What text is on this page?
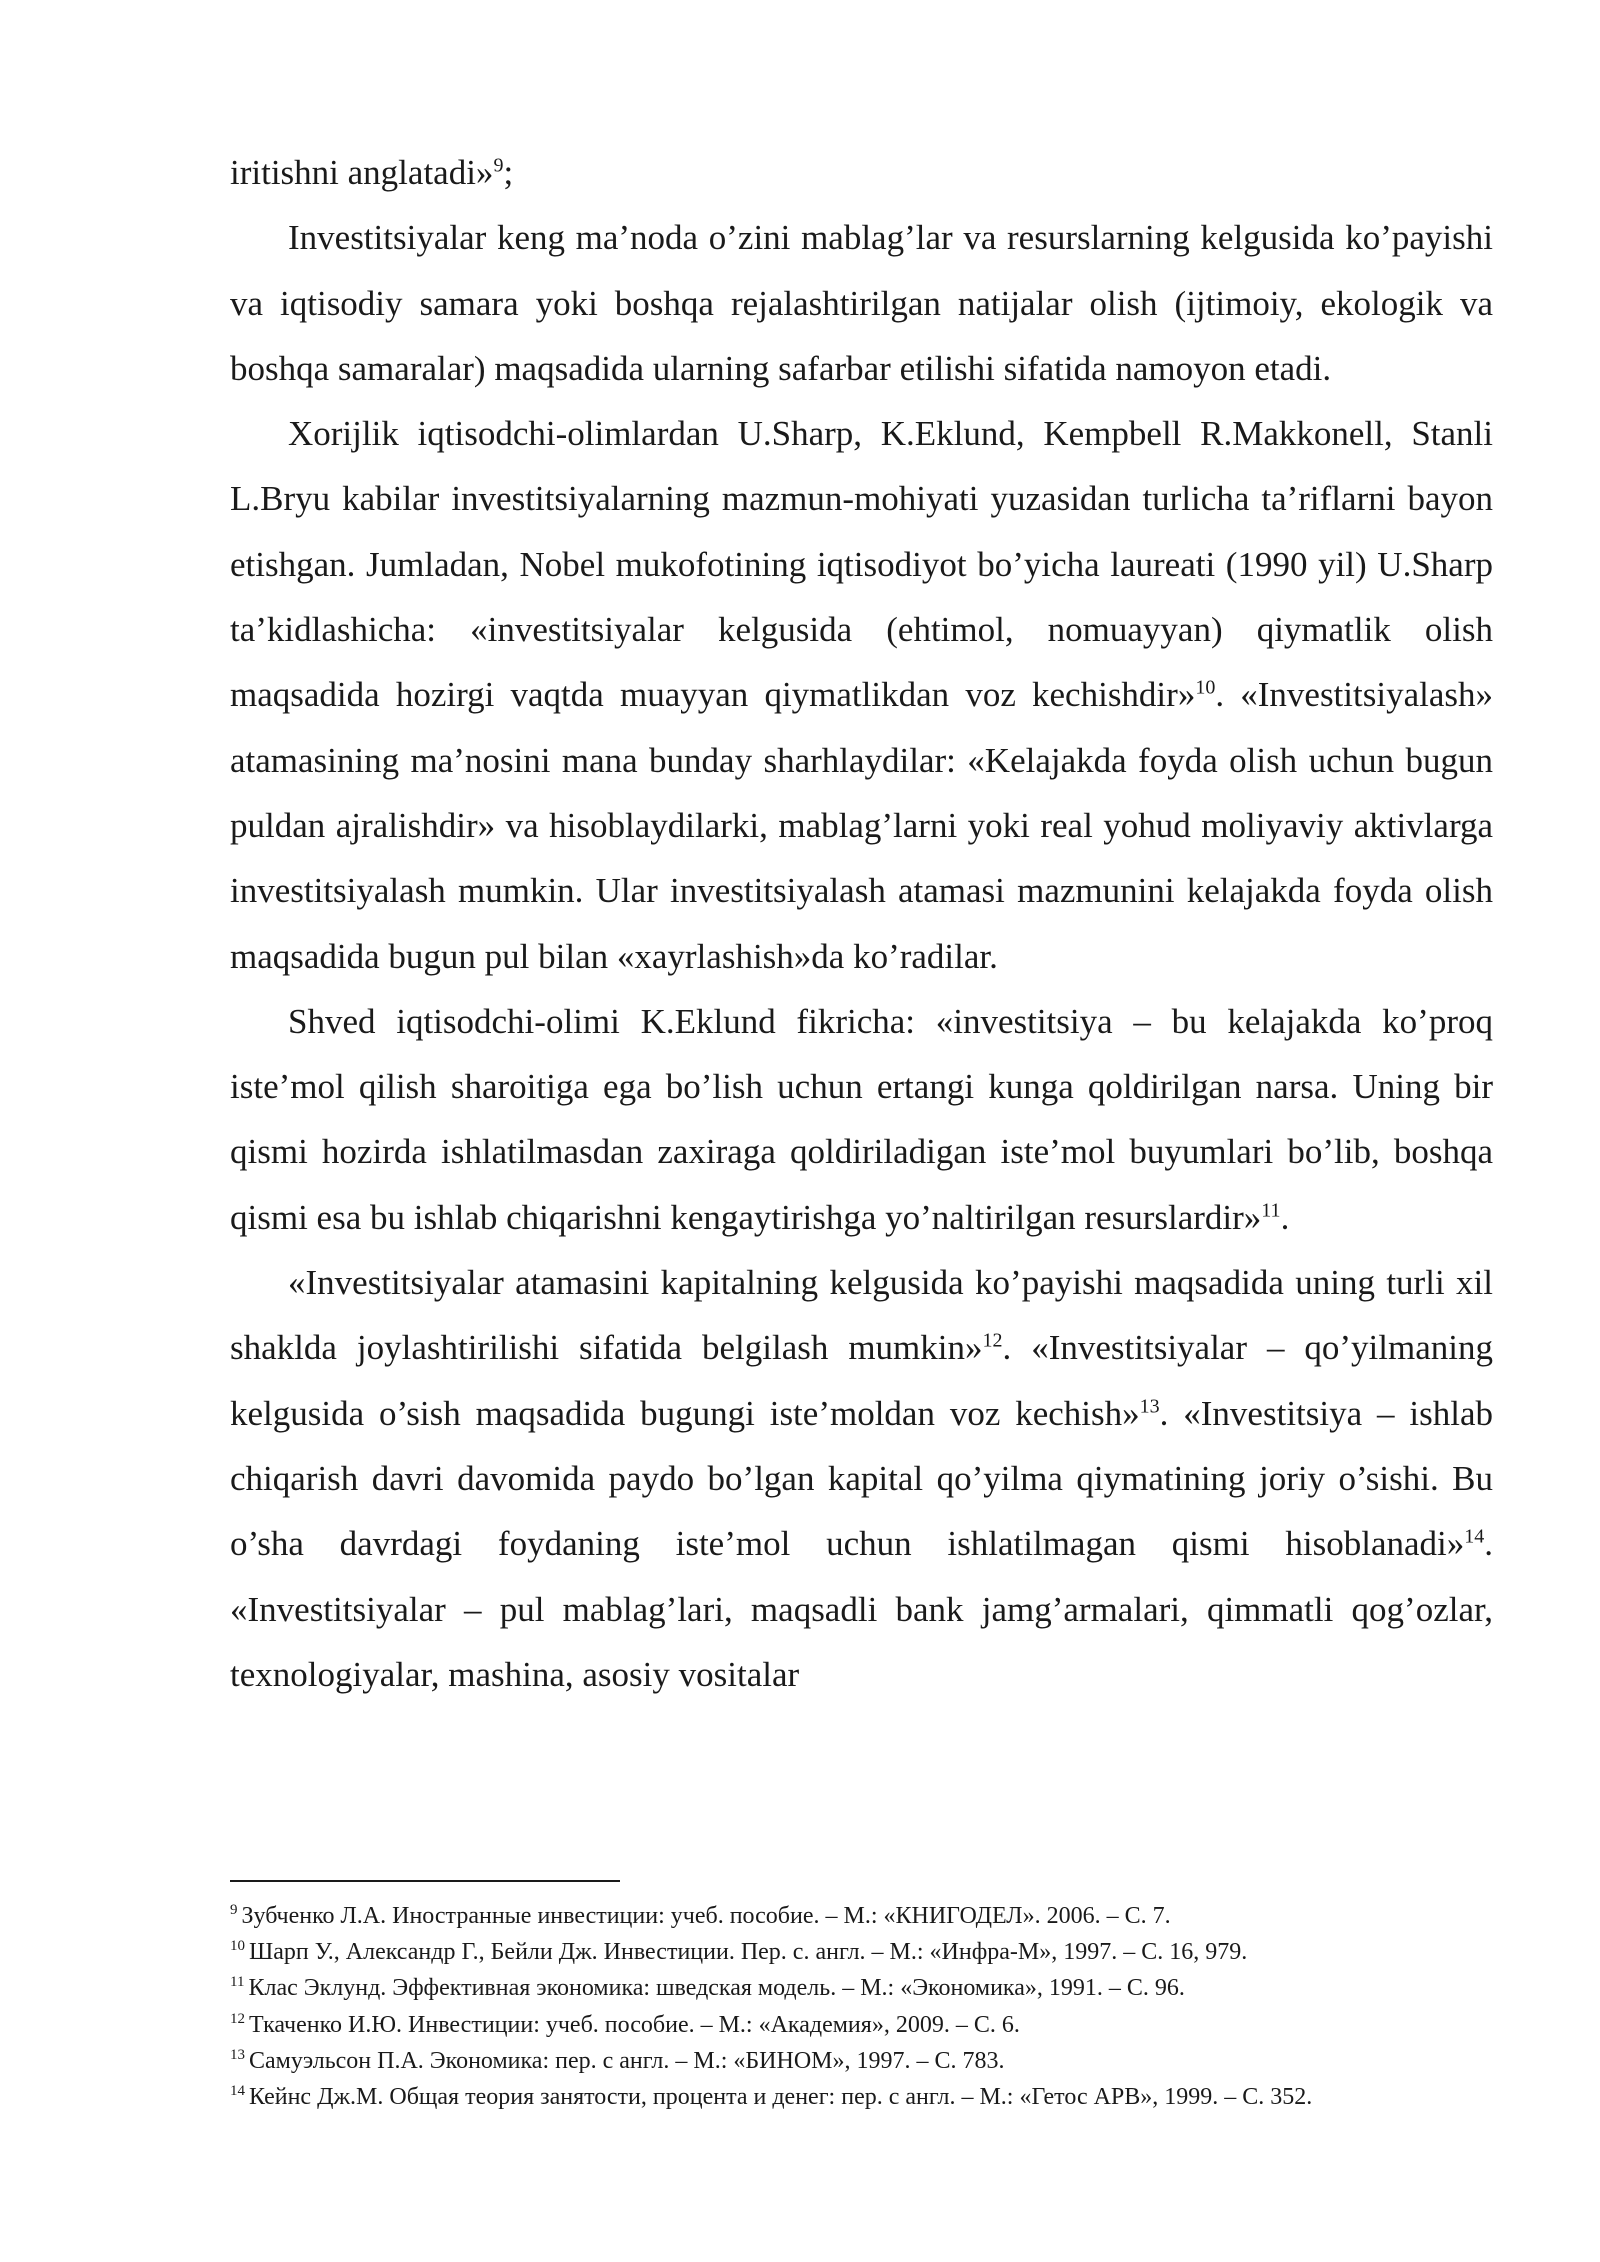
iritishni anglatadi»$^9$;

Investitsiyalar keng ma’noda o’zini mablag’lar va resurslarning kelgusida ko’payishi va iqtisodiy samara yoki boshqa rejalashtirilgan natijalar olish (ijtimoiy, ekologik va boshqa samaralar) maqsadida ularning safarbar etilishi sifatida namoyon etadi.

Xorijlik iqtisodchi-olimlardan U.Sharp, K.Eklund, Kempbell R.Makkonell, Stanli L.Bryu kabilar investitsiyalarning mazmun-mohiyati yuzasidan turlicha ta’riflarni bayon etishgan. Jumladan, Nobel mukofotining iqtisodiyot bo’yicha laureati (1990 yil) U.Sharp ta’kidlashicha: «investitsiyalar kelgusida (ehtimol, nomuayyan) qiymatlik olish maqsadida hozirgi vaqtda muayyan qiymatlikdan voz kechishdir»$^{10}$. «Investitsiyalash» atamasining ma’nosini mana bunday sharhlaydilar: «Kelajakda foyda olish uchun bugun puldan ajralishdir» va hisoblaydilarki, mablag’larni yoki real yohud moliyaviy aktivlarga investitsiyalash mumkin. Ular investitsiyalash atamasi mazmunini kelajakda foyda olish maqsadida bugun pul bilan «xayrlashish»da ko’radilar.

Shved iqtisodchi-olimi K.Eklund fikricha: «investitsiya – bu kelajakda ko’proq iste’mol qilish sharoitiga ega bo’lish uchun ertangi kunga qoldirilgan narsa. Uning bir qismi hozirda ishlatilmasdan zaxiraga qoldiriladigan iste’mol buyumlari bo’lib, boshqa qismi esa bu ishlab chiqarishni kengaytirishga yo’naltirilgan resurslardir»$^{11}$.

«Investitsiyalar atamasini kapitalning kelgusida ko’payishi maqsadida uning turli xil shaklda joylashtirilishi sifatida belgilash mumkin»$^{12}$. «Investitsiyalar – qo’yilmaning kelgusida o’sish maqsadida bugungi iste’moldan voz kechish»$^{13}$. «Investitsiya – ishlab chiqarish davri davomida paydo bo’lgan kapital qo’yilma qiymatining joriy o’sishi. Bu o’sha davrdagi foydaning iste’mol uchun ishlatilmagan qismi hisoblanadi»$^{14}$. «Investitsiyalar – pul mablag’lari, maqsadli bank jamg’armalari, qimmatli qog’ozlar, texnologiyalar, mashina, asosiy vositalar

$^9$ Зубченко Л.А. Иностранные инвестиции: учеб. пособие. – М.: «КНИГОДЕЛ». 2006. – С. 7.

$^{10}$ Шарп У., Александр Г., Бейли Дж. Инвестиции. Пер. с. англ. – М.: «Инфра-М», 1997. – С. 16, 979.

$^{11}$ Клас Эклунд. Эффективная экономика: шведская модель. – М.: «Экономика», 1991. – С. 96.

$^{12}$ Ткаченко И.Ю. Инвестиции: учеб. пособие. – М.: «Академия», 2009. – С. 6.

$^{13}$ Самуэльсон П.А. Экономика: пер. с англ. – М.: «БИНОМ», 1997. – С. 783.

$^{14}$ Кейнс Дж.М. Общая теория занятости, процента и денег: пер. с англ. – М.: «Гетос АРВ», 1999. – С. 352.
